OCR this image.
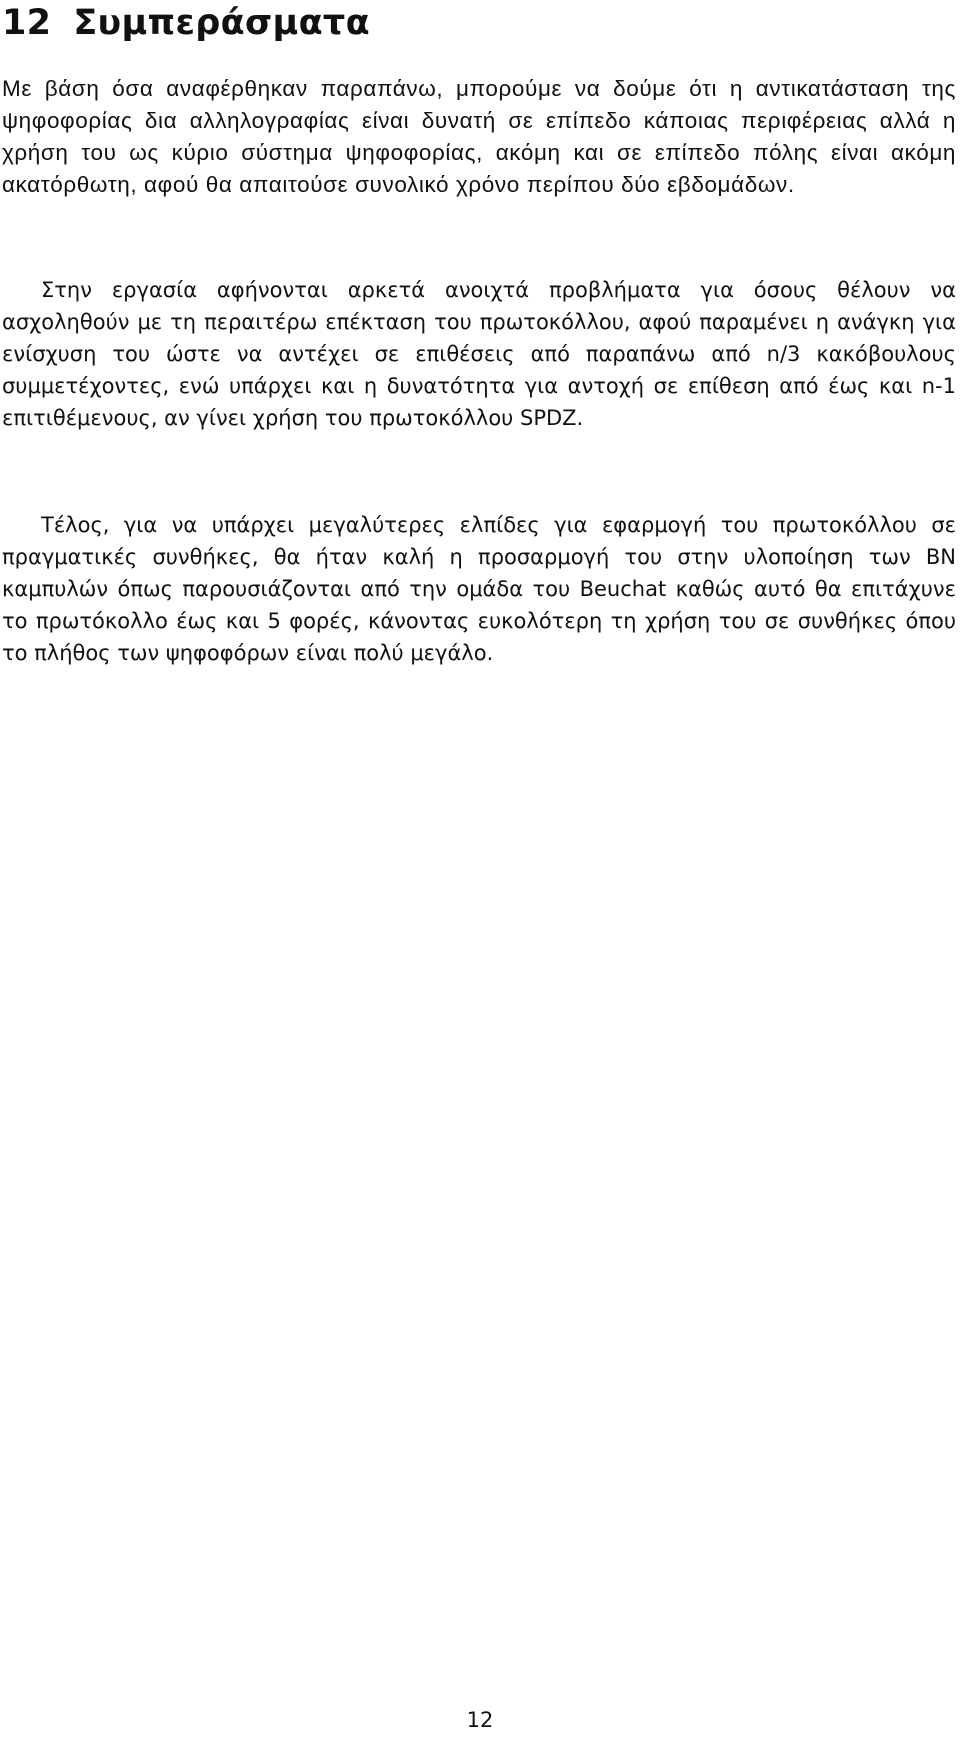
12 Συμπεράσματα

Με βάση όσα αναφέρθηκαν παραπάνω, μπορούμε να δούμε ότι η αντικατάσταση της ψηφοφορίας δια αλληλογραφίας είναι δυνατή σε επίπεδο κάποιας περιφέρειας αλλά η χρήση του ως κύριο σύστημα ψηφοφορίας, ακόμη και σε επίπεδο πόλης είναι ακόμη ακατόρθωτη, αφού θα απαιτούσε συνολικό χρόνο περίπου δύο εβδομάδων.

Στην εργασία αφήνονται αρκετά ανοιχτά προβλήματα για όσους θέλουν να ασχοληθούν με τη περαιτέρω επέκταση του πρωτοκόλλου, αφού παραμένει η ανάγκη για ενίσχυση του ώστε να αντέχει σε επιθέσεις από παραπάνω από n/3 κακόβουλους συμμετέχοντες, ενώ υπάρχει και η δυνατότητα για αντοχή σε επίθεση από έως και n-1 επιτιθέμενους, αν γίνει χρήση του πρωτοκόλλου SPDZ.

Τέλος, για να υπάρχει μεγαλύτερες ελπίδες για εφαρμογή του πρωτοκόλλου σε πραγματικές συνθήκες, θα ήταν καλή η προσαρμογή του στην υλοποίηση των BN καμπυλών όπως παρουσιάζονται από την ομάδα του Beuchat καθώς αυτό θα επιτάχυνε το πρωτόκολλο έως και 5 φορές, κάνοντας ευκολότερη τη χρήση του σε συνθήκες όπου το πλήθος των ψηφοφόρων είναι πολύ μεγάλο.

12
